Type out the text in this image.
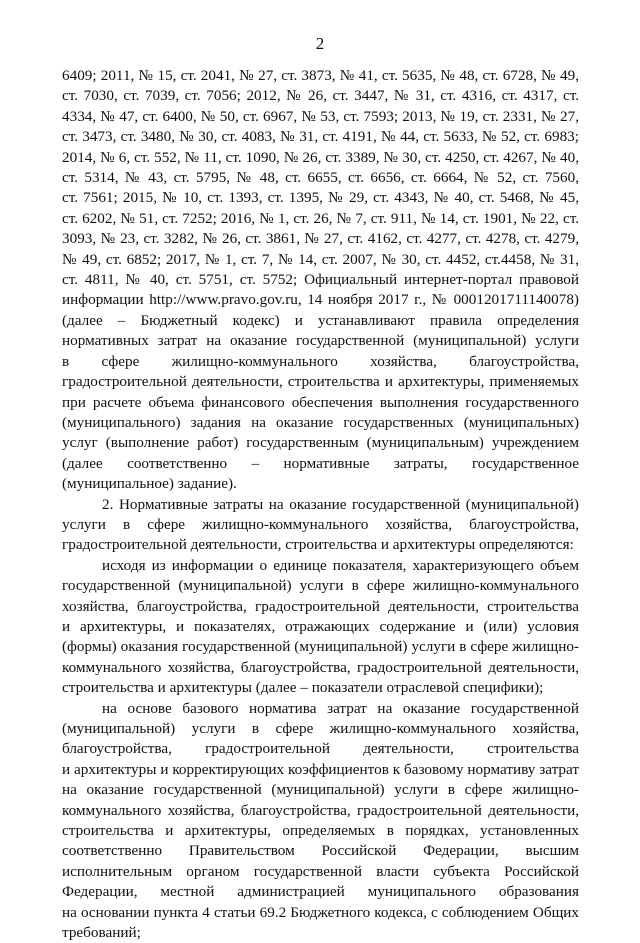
2
6409; 2011, № 15, ст. 2041, № 27, ст. 3873, № 41, ст. 5635, № 48, ст. 6728, № 49,
ст. 7030, ст. 7039, ст. 7056; 2012, № 26, ст. 3447, № 31, ст. 4316, ст. 4317, ст.
4334, № 47, ст. 6400, № 50, ст. 6967, № 53, ст. 7593; 2013, № 19, ст. 2331, № 27,
ст. 3473, ст. 3480, № 30, ст. 4083, № 31, ст. 4191, № 44, ст. 5633, № 52, ст. 6983;
2014, № 6, ст. 552, № 11, ст. 1090, № 26, ст. 3389, № 30, ст. 4250, ст. 4267, № 40,
ст. 5314, № 43, ст. 5795, № 48, ст. 6655, ст. 6656, ст. 6664, № 52, ст. 7560,
ст. 7561; 2015, № 10, ст. 1393, ст. 1395, № 29, ст. 4343, № 40, ст. 5468, № 45,
ст. 6202, № 51, ст. 7252; 2016, № 1, ст. 26, № 7, ст. 911, № 14, ст. 1901, № 22, ст.
3093, № 23, ст. 3282, № 26, ст. 3861, № 27, ст. 4162, ст. 4277, ст. 4278, ст. 4279,
№ 49, ст. 6852; 2017, № 1, ст. 7, № 14, ст. 2007, № 30, ст. 4452, ст.4458, № 31,
ст. 4811, № 40, ст. 5751, ст. 5752; Официальный интернет-портал правовой
информации http://www.pravo.gov.ru, 14 ноября 2017 г., № 0001201711140078)
(далее – Бюджетный кодекс) и устанавливают правила определения
нормативных затрат на оказание государственной (муниципальной) услуги
в сфере жилищно-коммунального хозяйства, благоустройства,
градостроительной деятельности, строительства и архитектуры, применяемых
при расчете объема финансового обеспечения выполнения государственного
(муниципального) задания на оказание государственных (муниципальных)
услуг (выполнение работ) государственным (муниципальным) учреждением
(далее соответственно – нормативные затраты, государственное
(муниципальное) задание).
2. Нормативные затраты на оказание государственной (муниципальной)
услуги в сфере жилищно-коммунального хозяйства, благоустройства,
градостроительной деятельности, строительства и архитектуры определяются:
исходя из информации о единице показателя, характеризующего объем
государственной (муниципальной) услуги в сфере жилищно-коммунального
хозяйства, благоустройства, градостроительной деятельности, строительства
и архитектуры, и показателях, отражающих содержание и (или) условия
(формы) оказания государственной (муниципальной) услуги в сфере жилищно-
коммунального хозяйства, благоустройства, градостроительной деятельности,
строительства и архитектуры (далее – показатели отраслевой специфики);
на основе базового норматива затрат на оказание государственной
(муниципальной) услуги в сфере жилищно-коммунального хозяйства,
благоустройства, градостроительной деятельности, строительства
и архитектуры и корректирующих коэффициентов к базовому нормативу затрат
на оказание государственной (муниципальной) услуги в сфере жилищно-
коммунального хозяйства, благоустройства, градостроительной деятельности,
строительства и архитектуры, определяемых в порядках, установленных
соответственно Правительством Российской Федерации, высшим
исполнительным органом государственной власти субъекта Российской
Федерации, местной администрацией муниципального образования
на основании пункта 4 статьи 69.2 Бюджетного кодекса, с соблюдением Общих
требований;
